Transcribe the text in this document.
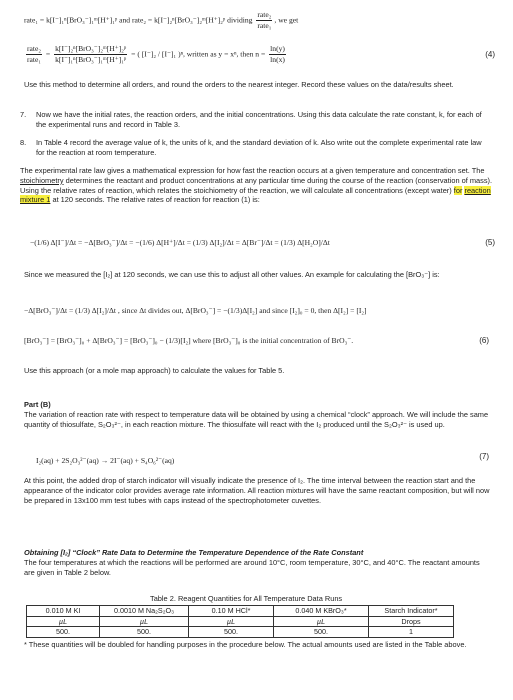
rate₁ = k[I⁻]₁ⁿ[BrO₃⁻]₁ᵐ[H⁺]₁ᵖ and rate₂ = k[I⁻]₂ⁿ[BrO₃⁻]₂ᵐ[H⁺]₂ᵖ dividing $\frac{\text{rate₂}}{\text{rate₁}}$ , we get
$\frac{\text{rate₂}}{\text{rate₁}} = \frac{\text{k[I⁻]₂ⁿ[BrO₃⁻]₂ᵐ[H⁺]₂ᵖ}}{\text{k[I⁻]₁ⁿ[BrO₃⁻]₁ᵐ[H⁺]₁ᵖ}}$ = ( [I⁻]₂ / [I⁻]₁ )ⁿ, written as y = xⁿ, then $n = \frac{\ln(y)}{\ln(x)}$	(4)
Use this method to determine all orders, and round the orders to the nearest integer. Record these values on the data/results sheet.
7. Now we have the initial rates, the reaction orders, and the initial concentrations. Using this data calculate the rate constant, k, for each of the experimental runs and record in Table 3.
8. In Table 4 record the average value of k, the units of k, and the standard deviation of k. Also write out the complete experimental rate law for the reaction at room temperature.
The experimental rate law gives a mathematical expression for how fast the reaction occurs at a given temperature and concentration set. The stoichiometry determines the reactant and product concentrations at any particular time during the course of the reaction (conservation of mass). Using the relative rates of reaction, which relates the stoichiometry of the reaction, we will calculate all concentrations (except water) for reaction mixture 1 at 120 seconds. The relative rates of reaction for reaction (1) is:
−(1/6) Δ[I⁻]/Δt = −Δ[BrO₃⁻]/Δt = −(1/6) Δ[H⁺]/Δt = (1/3) Δ[I₂]/Δt = Δ[Br⁻]/Δt = (1/3) Δ[H₂O]/Δt	(5)
Since we measured the [I₂] at 120 seconds, we can use this to adjust all other values. An example for calculating the [BrO₃⁻] is:
−Δ[BrO₃⁻]/Δt = (1/3) Δ[I₂]/Δt , since Δt divides out, Δ[BrO₃⁻] = −(1/3)Δ[I₂] and since [I₂]₀ = 0, then Δ[I₂] = [I₂]
[BrO₃⁻] = [BrO₃⁻]₀ + Δ[BrO₃⁻] = [BrO₃⁻]₀ − (1/3)[I₂] where [BrO₃⁻]₀ is the initial concentration of BrO₃⁻.	(6)
Use this approach (or a mole map approach) to calculate the values for Table 5.
Part (B)
The variation of reaction rate with respect to temperature data will be obtained by using a chemical “clock” approach. We will include the same quantity of thiosulfate, S₂O₃²⁻, in each reaction mixture. The thiosulfate will react with the I₂ produced until the S₂O₃²⁻ is used up.
I₂(aq) + 2S₂O₃²⁻(aq) → 2I⁻(aq) + S₄O₆²⁻(aq)	(7)
At this point, the added drop of starch indicator will visually indicate the presence of I₂. The time interval between the reaction start and the appearance of the indicator color provides average rate information. All reaction mixtures will have the same reactant composition, but will now be prepared in 13x100 mm test tubes with caps instead of the spectrophotometer cuvettes.
Obtaining [I₂] “Clock” Rate Data to Determine the Temperature Dependence of the Rate Constant
The four temperatures at which the reactions will be performed are around 10°C, room temperature, 30°C, and 40°C. The reactant amounts are given in Table 2 below.
Table 2. Reagent Quantities for All Temperature Data Runs
0.010 M KI	0.0010 M Na₂S₂O₃	0.10 M HCl*	0.040 M KBrO₃*	Starch Indicator*
µL	µL	µL	µL	Drops
500.	500.	500.	500.	1
* These quantities will be doubled for handling purposes in the procedure below. The actual amounts used are listed in the Table above.
